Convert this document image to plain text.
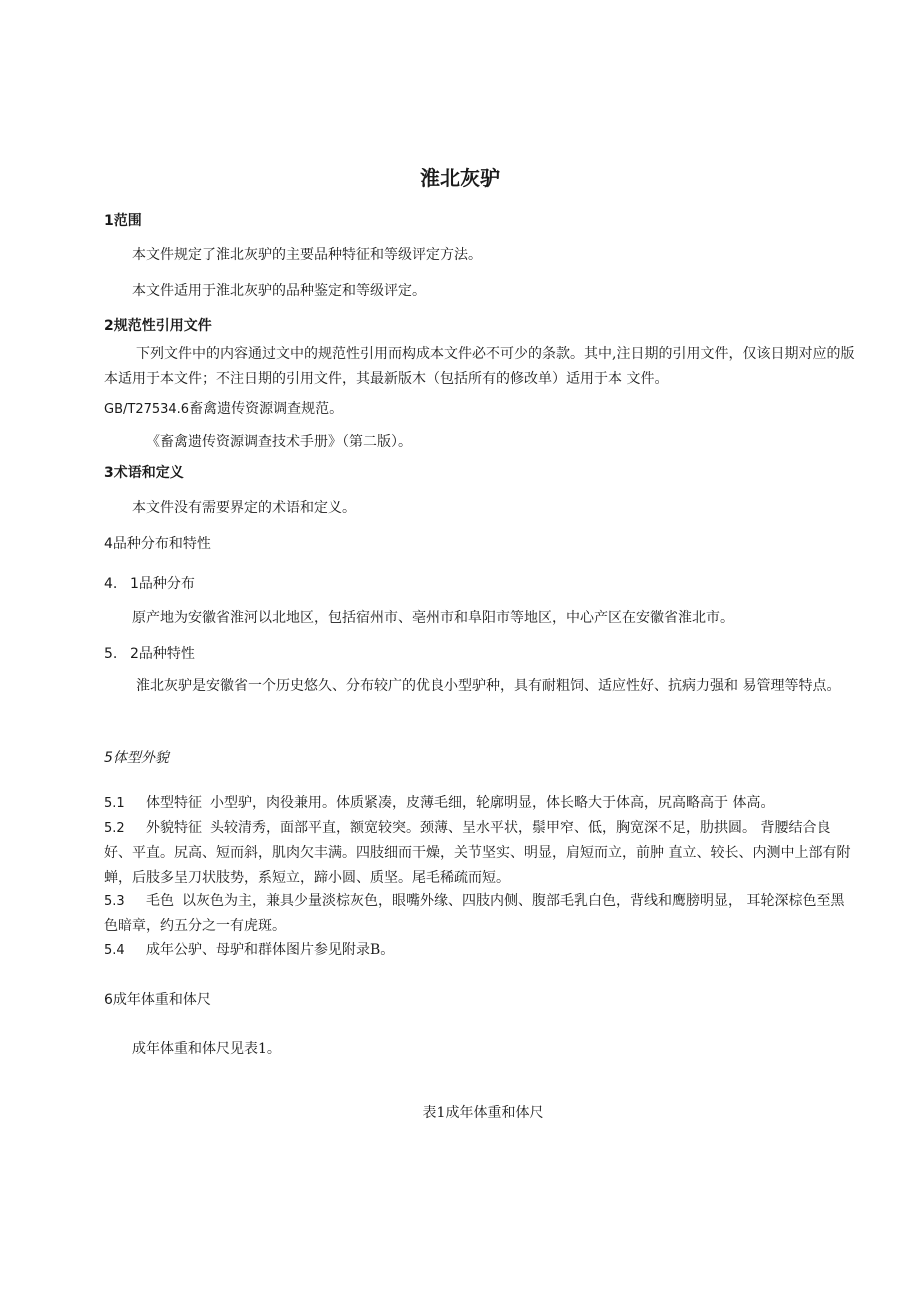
淮北灰驴
1范围
本文件规定了淮北灰驴的主要品种特征和等级评定方法。
本文件适用于淮北灰驴的品种鉴定和等级评定。
2规范性引用文件
下列文件中的内容通过文中的规范性引用而构成本文件必不可少的条款。其中,注日期的引用文件，仅该日期对应的版本适用于本文件；不注日期的引用文件，其最新版木（包括所有的修改单）适用于本 文件。
GB/T27534.6畜禽遗传资源调查规范。
《畜禽遗传资源调查技术手册》（第二版）。
3术语和定义
本文件没有需要界定的术语和定义。
4品种分布和特性
4. 1品种分布
原产地为安徽省淮河以北地区，包括宿州市、亳州市和阜阳市等地区，中心产区在安徽省淮北市。
5. 2品种特性
淮北灰驴是安徽省一个历史悠久、分布较广的优良小型驴种，具有耐粗饲、适应性好、抗病力强和 易管理等特点。
5体型外貌
5.1 体型特征 小型驴，肉役兼用。体质紧凑，皮薄毛细，轮廓明显，体长略大于体高，尻高略高于 体高。
5.2 外貌特征 头较清秀，面部平直，额宽较突。颈薄、呈水平状，鬃甲窄、低，胸宽深不足，肋拱圆。 背腰结合良好、平直。尻高、短而斜，肌肉欠丰满。四肢细而干燥，关节坚实、明显，肩短而立，前肿 直立、较长、内测中上部有附蝉，后肢多呈刀状肢势，系短立，蹄小圆、质坚。尾毛稀疏而短。
5.3 毛色 以灰色为主，兼具少量淡棕灰色，眼嘴外缘、四肢内侧、腹部毛乳白色，背线和鹰膀明显， 耳轮深棕色至黑色暗章，约五分之一有虎斑。
5.4 成年公驴、母驴和群体图片参见附录B。
6成年体重和体尺
成年体重和体尺见表1。
表1成年体重和体尺
